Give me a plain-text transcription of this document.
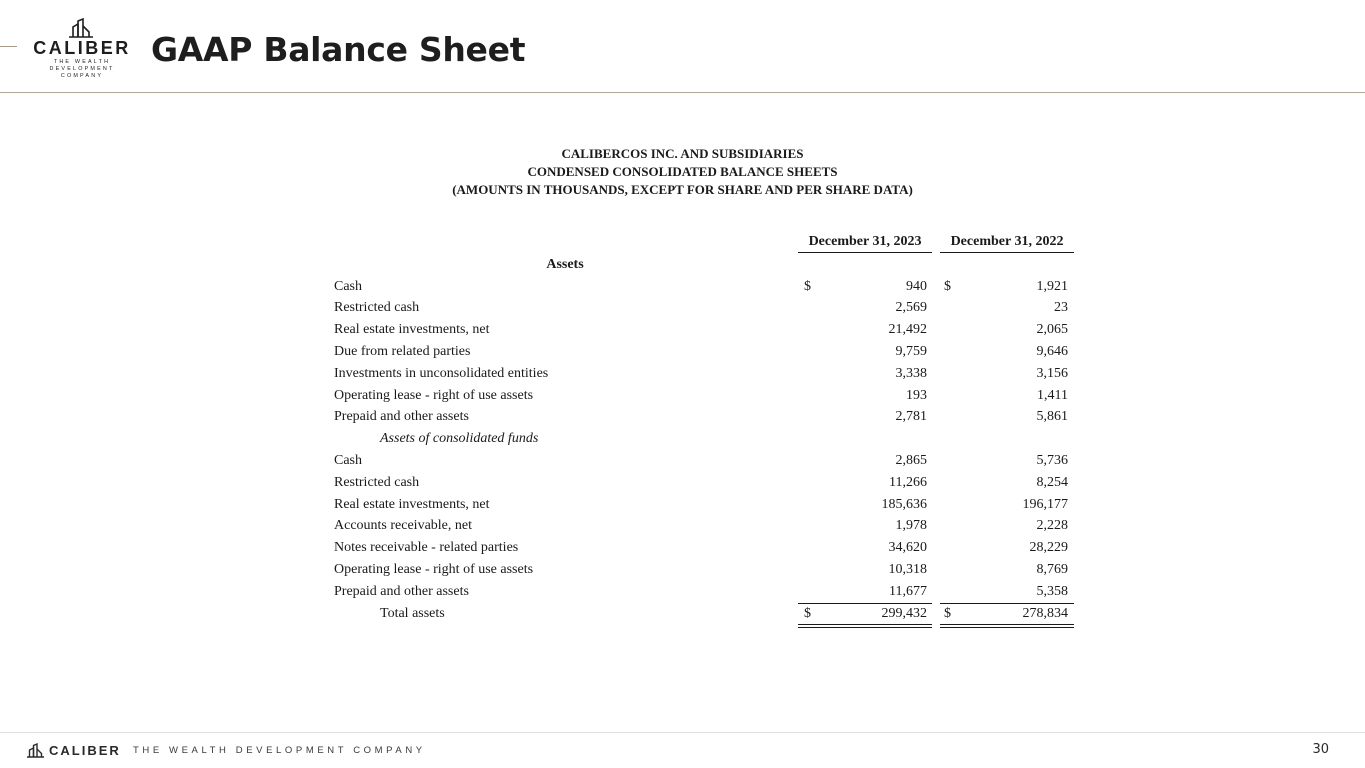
CALIBER
THE WEALTH DEVELOPMENT
COMPANY
GAAP Balance Sheet
CALIBERCOS INC. AND SUBSIDIARIES
CONDENSED CONSOLIDATED BALANCE SHEETS
(AMOUNTS IN THOUSANDS, EXCEPT FOR SHARE AND PER SHARE DATA)
December 31, 2023	December 31, 2022
Assets
Cash	$	940 $	1,921
Restricted cash	2,569	23
Real estate investments, net	21,492	2,065
Due from related parties	9,759	9,646
Investments in unconsolidated entities	3,338	3,156
Operating lease - right of use assets	193	1,411
Prepaid and other assets	2,781	5,861
Assets of consolidated funds
Cash	2,865	5,736
Restricted cash	11,266	8,254
Real estate investments, net	185,636	196,177
Accounts receivable, net	1,978	2,228
Notes receivable - related parties	34,620	28,229
Operating lease - right of use assets	10,318	8,769
Prepaid and other assets	11,677	5,358
Total assets	$	299,432 $	278,834
CALIBER THE WEALTH DEVELOPMENT COMPANY	30
